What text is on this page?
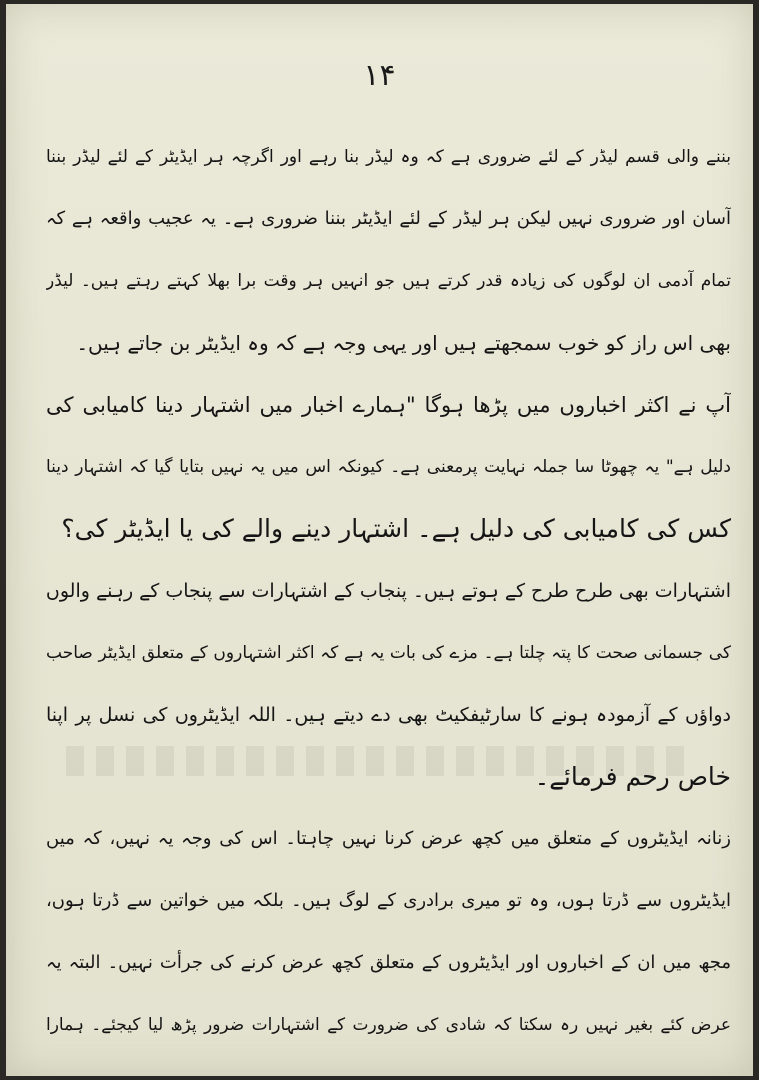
۱۴
بننے والی قسم لیڈر کے لئے ضروری ہے کہ وہ لیڈر بنا رہے اور اگرچہ ہر ایڈیٹر کے لئے لیڈر بننا
آسان اور ضروری نہیں لیکن ہر لیڈر کے لئے ایڈیٹر بننا ضروری ہے۔ یہ عجیب واقعہ ہے کہ
تمام آدمی ان لوگوں کی زیادہ قدر کرتے ہیں جو انہیں ہر وقت برا بھلا کہتے رہتے ہیں۔ لیڈر
بھی اس راز کو خوب سمجھتے ہیں اور یہی وجہ ہے کہ وہ ایڈیٹر بن جاتے ہیں۔
آپ نے اکثر اخباروں میں پڑھا ہوگا "ہمارے اخبار میں اشتہار دینا کامیابی کی
دلیل ہے" یہ چھوٹا سا جملہ نہایت پرمعنی ہے۔ کیونکہ اس میں یہ نہیں بتایا گیا کہ اشتہار دینا
کس کی کامیابی کی دلیل ہے۔ اشتہار دینے والے کی یا ایڈیٹر کی؟
اشتہارات بھی طرح طرح کے ہوتے ہیں۔ پنجاب کے اشتہارات سے پنجاب کے رہنے والوں
کی جسمانی صحت کا پتہ چلتا ہے۔ مزے کی بات یہ ہے کہ اکثر اشتہاروں کے متعلق ایڈیٹر صاحب
دواؤں کے آزمودہ ہونے کا سارٹیفکیٹ بھی دے دیتے ہیں۔ اللہ ایڈیٹروں کی نسل پر اپنا
خاص رحم فرمائے۔
زنانہ ایڈیٹروں کے متعلق میں کچھ عرض کرنا نہیں چاہتا۔ اس کی وجہ یہ نہیں، کہ میں
ایڈیٹروں سے ڈرتا ہوں، وہ تو میری برادری کے لوگ ہیں۔ بلکہ میں خواتین سے ڈرتا ہوں،
مجھ میں ان کے اخباروں اور ایڈیٹروں کے متعلق کچھ عرض کرنے کی جرأت نہیں۔ البتہ یہ
عرض کئے بغیر نہیں رہ سکتا کہ شادی کی ضرورت کے اشتہارات ضرور پڑھ لیا کیجئے۔ ہمارا
